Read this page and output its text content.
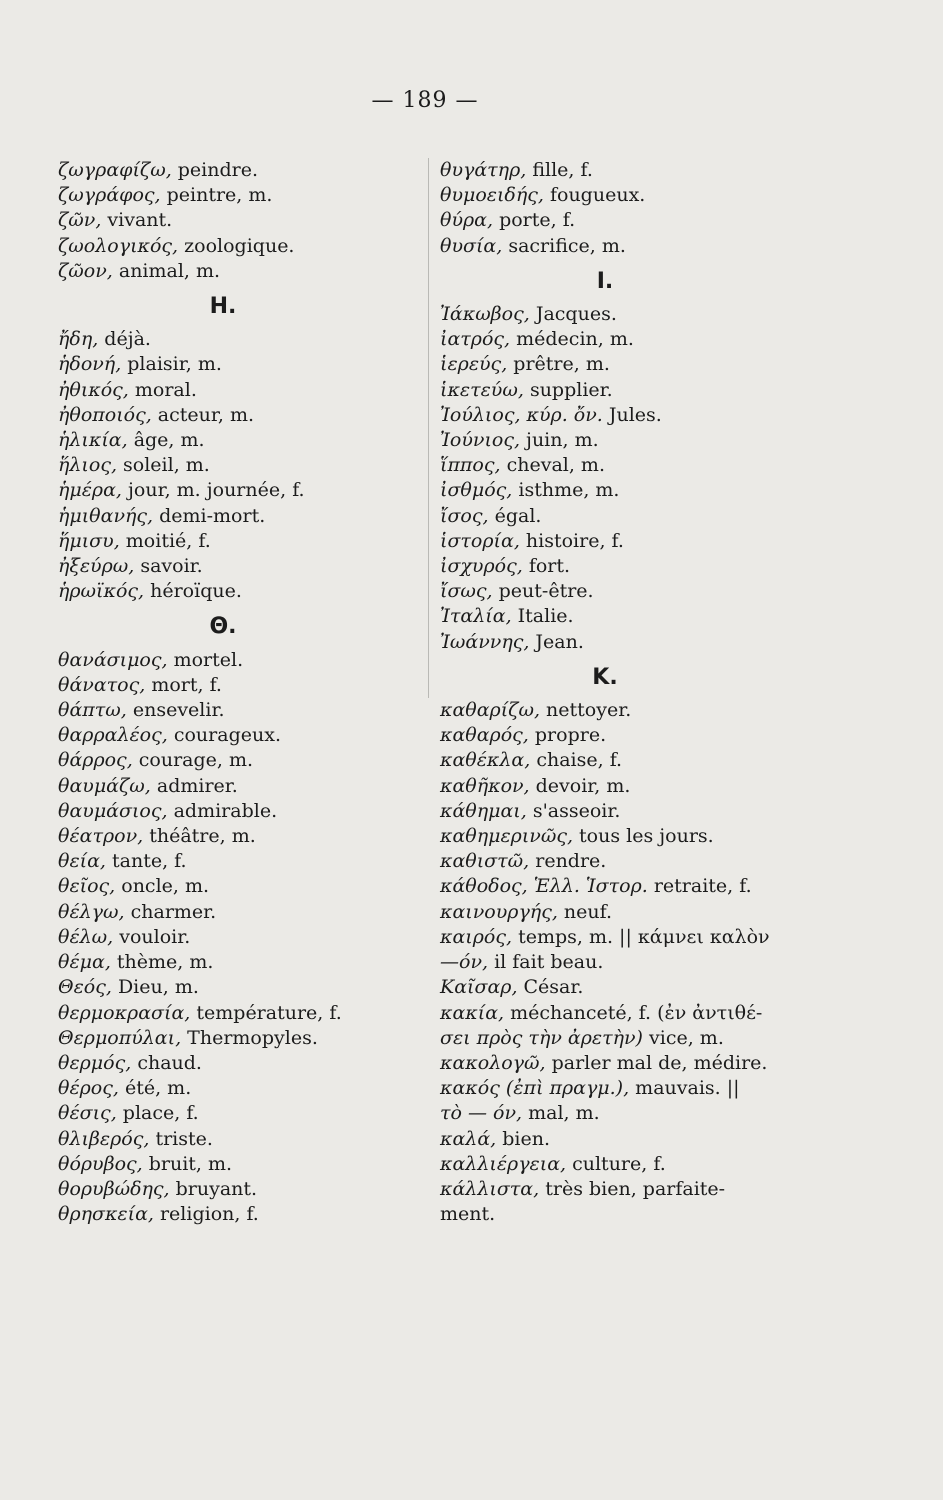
— 189 —
ζωγραφίζω, peindre.
ζωγράφος, peintre, m.
ζῶν, vivant.
ζωολογικός, zoologique.
ζῶον, animal, m.
H.
ἤδη, déjà.
ἡδονή, plaisir, m.
ἠθικός, moral.
ἠθοποιός, acteur, m.
ἡλικία, âge, m.
ἥλιος, soleil, m.
ἡμέρα, jour, m. journée, f.
ἡμιθανής, demi-mort.
ἥμισυ, moitié, f.
ἠξεύρω, savoir.
ἡρωϊκός, héroïque.
Θ.
θανάσιμος, mortel.
θάνατος, mort, f.
θάπτω, ensevelir.
θαρραλέος, courageux.
θάρρος, courage, m.
θαυμάζω, admirer.
θαυμάσιος, admirable.
θέατρον, théâtre, m.
θεία, tante, f.
θεῖος, oncle, m.
θέλγω, charmer.
θέλω, vouloir.
θέμα, thème, m.
Θεός, Dieu, m.
θερμοκρασία, température, f.
Θερμοπύλαι, Thermopyles.
θερμός, chaud.
θέρος, été, m.
θέσις, place, f.
θλιβερός, triste.
θόρυβος, bruit, m.
θορυβώδης, bruyant.
θρησκεία, religion, f.
θυγάτηρ, fille, f.
θυμοειδής, fougueux.
θύρα, porte, f.
θυσία, sacrifice, m.
I.
Ἰάκωβος, Jacques.
ἰατρός, médecin, m.
ἱερεύς, prêtre, m.
ἱκετεύω, supplier.
Ἰούλιος, κύρ. ὄν. Jules.
Ἰούνιος, juin, m.
ἵππος, cheval, m.
ἰσθμός, isthme, m.
ἴσος, égal.
ἱστορία, histoire, f.
ἰσχυρός, fort.
ἴσως, peut-être.
Ἰταλία, Italie.
Ἰωάννης, Jean.
K.
καθαρίζω, nettoyer.
καθαρός, propre.
καθέκλα, chaise, f.
καθῆκον, devoir, m.
κάθημαι, s'asseoir.
καθημερινῶς, tous les jours.
καθιστῶ, rendre.
κάθοδος, Ἑλλ. Ἱστορ. retraite, f.
καινουργής, neuf.
καιρός, temps, m. || κάμνει καλὸν
—όν, il fait beau.
Καῖσαρ, César.
κακία, méchanceté, f. (ἐν ἀντιθέ-
σει πρὸς τὴν ἀρετὴν) vice, m.
κακολογῶ, parler mal de, médire.
κακός (ἐπὶ πραγμ.), mauvais. ||
τὸ — όν, mal, m.
καλά, bien.
καλλιέργεια, culture, f.
κάλλιστα, très bien, parfaite-
ment.
